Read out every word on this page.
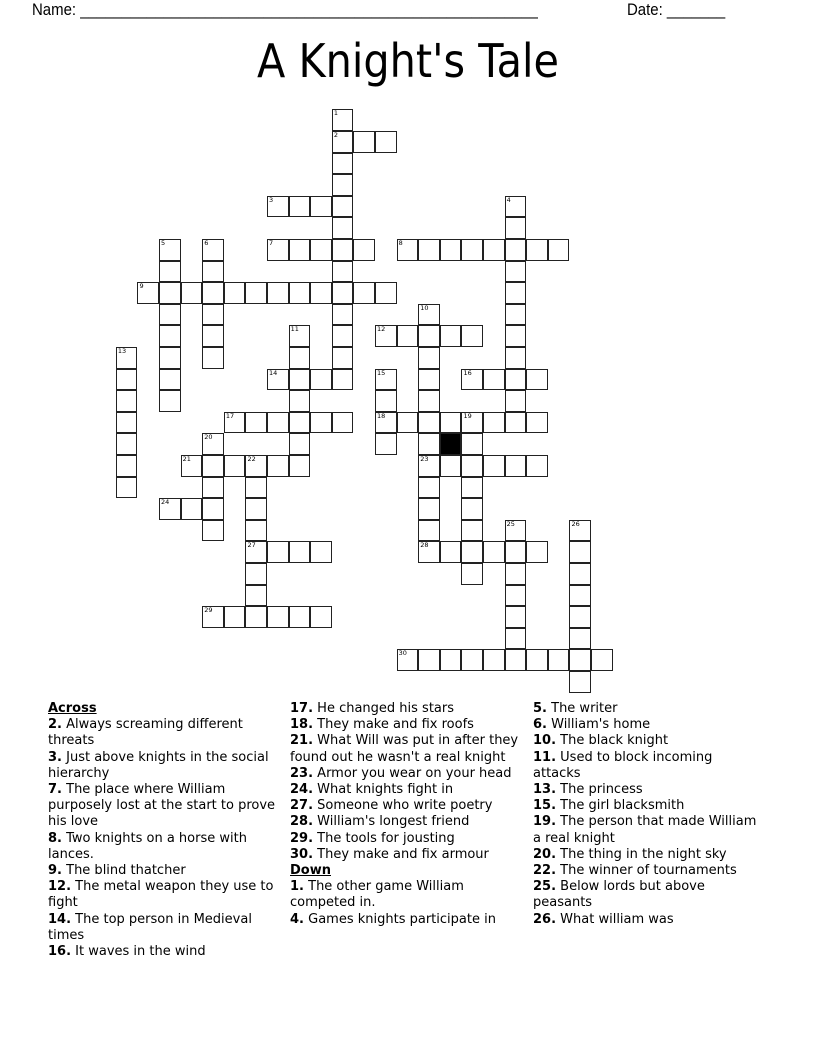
Name: _______________________________________________________	Date: _______
A Knight's Tale
1
2
3	4
5	6	7	8
9
10
23
28
11	12
13
14	15
18
16
17	19
20
21	22
27
24
25	26
29
30
Across
2. Always screaming different threats
3. Just above knights in the social hierarchy
7. The place where William purposely lost at the start to prove his love
8. Two knights on a horse with lances.
9. The blind thatcher
12. The metal weapon they use to fight
14. The top person in Medieval times
16. It waves in the wind
17. He changed his stars
18. They make and fix roofs
21. What Will was put in after they found out he wasn't a real knight
23. Armor you wear on your head
24. What knights fight in
27. Someone who write poetry
28. William's longest friend
29. The tools for jousting
30. They make and fix armour
Down
1. The other game William competed in.
4. Games knights participate in
5. The writer
6. William's home
10. The black knight
11. Used to block incoming attacks
13. The princess
15. The girl blacksmith
19. The person that made William a real knight
20. The thing in the night sky
22. The winner of tournaments
25. Below lords but above peasants
26. What william was
